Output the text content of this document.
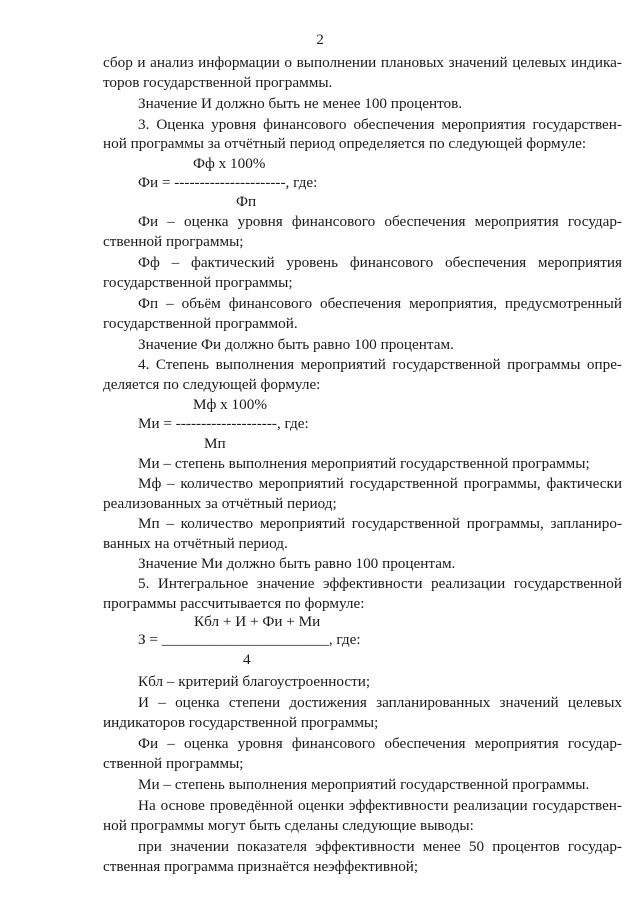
2
сбор и анализ информации о выполнении плановых значений целевых индика-
торов государственной программы.
Значение И должно быть не менее 100 процентов.
3. Оценка уровня финансового обеспечения мероприятия государствен-
ной программы за отчётный период определяется по следующей формуле:
Фф х 100%
Фи = ----------------------, где:
Фп
Фи – оценка уровня финансового обеспечения мероприятия государ-
ственной программы;
Фф – фактический уровень финансового обеспечения мероприятия
государственной программы;
Фп – объём финансового обеспечения мероприятия, предусмотренный
государственной программой.
Значение Фи должно быть равно 100 процентам.
4. Степень выполнения мероприятий государственной программы опре-
деляется по следующей формуле:
Мф х 100%
Ми = --------------------, где:
Мп
Ми – степень выполнения мероприятий государственной программы;
Мф – количество мероприятий государственной программы, фактически
реализованных за отчётный период;
Мп – количество мероприятий государственной программы, запланиро-
ванных на отчётный период.
Значение Ми должно быть равно 100 процентам.
5. Интегральное значение эффективности реализации государственной
программы рассчитывается по формуле:
Кбл + И + Фи + Ми
З = ______________________, где:
4
Кбл – критерий благоустроенности;
И – оценка степени достижения запланированных значений целевых
индикаторов государственной программы;
Фи – оценка уровня финансового обеспечения мероприятия государ-
ственной программы;
Ми – степень выполнения мероприятий государственной программы.
На основе проведённой оценки эффективности реализации государствен-
ной программы могут быть сделаны следующие выводы:
при значении показателя эффективности менее 50 процентов государ-
ственная программа признаётся неэффективной;
